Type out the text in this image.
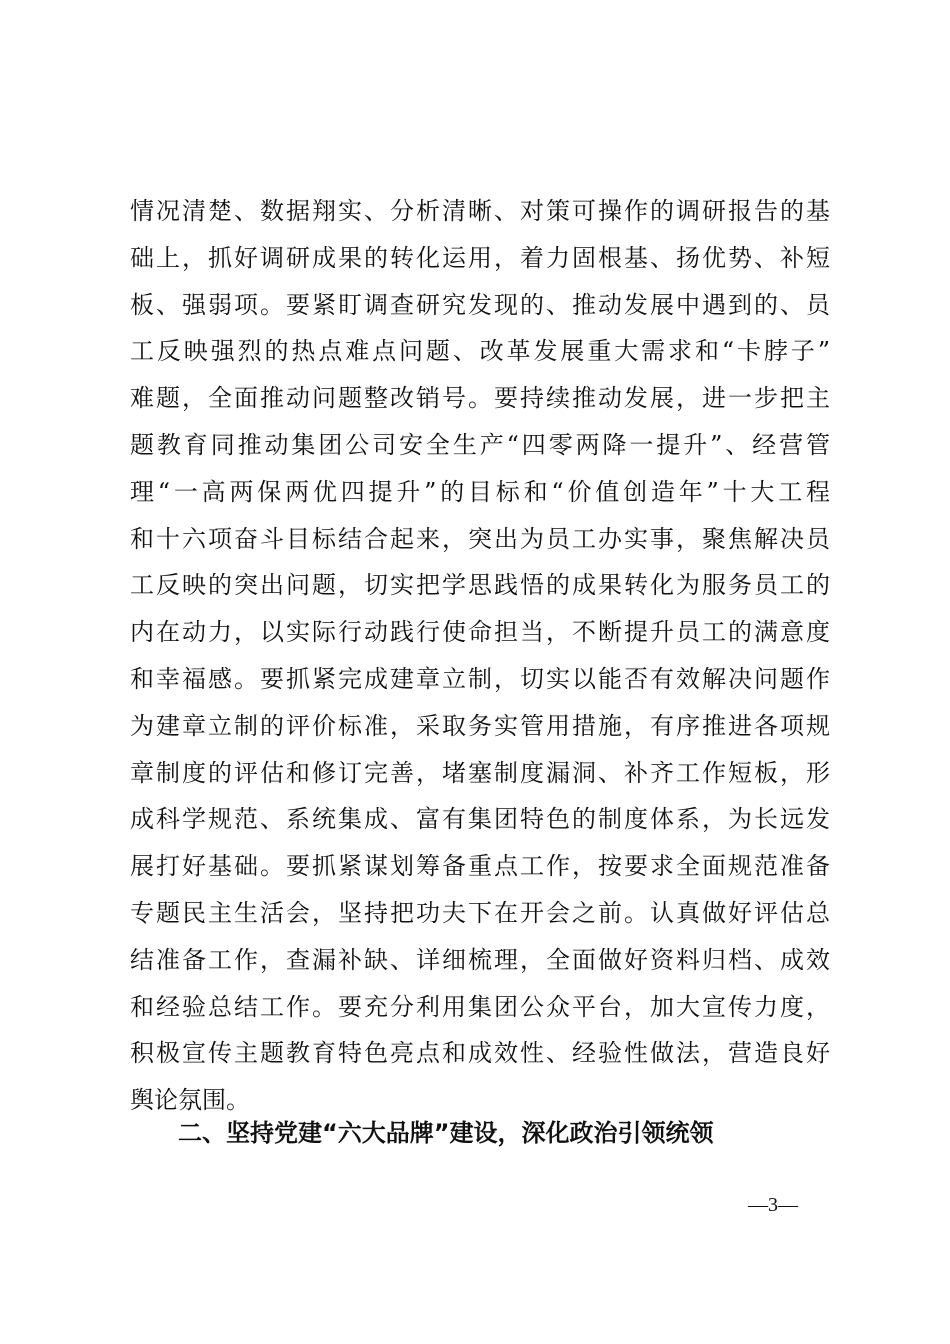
情况清楚、数据翔实、分析清晰、对策可操作的调研报告的基
础上，抓好调研成果的转化运用，着力固根基、扬优势、补短
板、强弱项。要紧盯调查研究发现的、推动发展中遇到的、员
工反映强烈的热点难点问题、改革发展重大需求和“卡脖子”
难题，全面推动问题整改销号。要持续推动发展，进一步把主
题教育同推动集团公司安全生产“四零两降一提升”、经营管
理“一高两保两优四提升”的目标和“价值创造年”十大工程
和十六项奋斗目标结合起来，突出为员工办实事，聚焦解决员
工反映的突出问题，切实把学思践悟的成果转化为服务员工的
内在动力，以实际行动践行使命担当，不断提升员工的满意度
和幸福感。要抓紧完成建章立制，切实以能否有效解决问题作
为建章立制的评价标准，采取务实管用措施，有序推进各项规
章制度的评估和修订完善，堵塞制度漏洞、补齐工作短板，形
成科学规范、系统集成、富有集团特色的制度体系，为长远发
展打好基础。要抓紧谋划筹备重点工作，按要求全面规范准备
专题民主生活会，坚持把功夫下在开会之前。认真做好评估总
结准备工作，查漏补缺、详细梳理，全面做好资料归档、成效
和经验总结工作。要充分利用集团公众平台，加大宣传力度，
积极宣传主题教育特色亮点和成效性、经验性做法，营造良好
舆论氛围。
二、坚持党建“六大品牌”建设，深化政治引领统领
—3—
